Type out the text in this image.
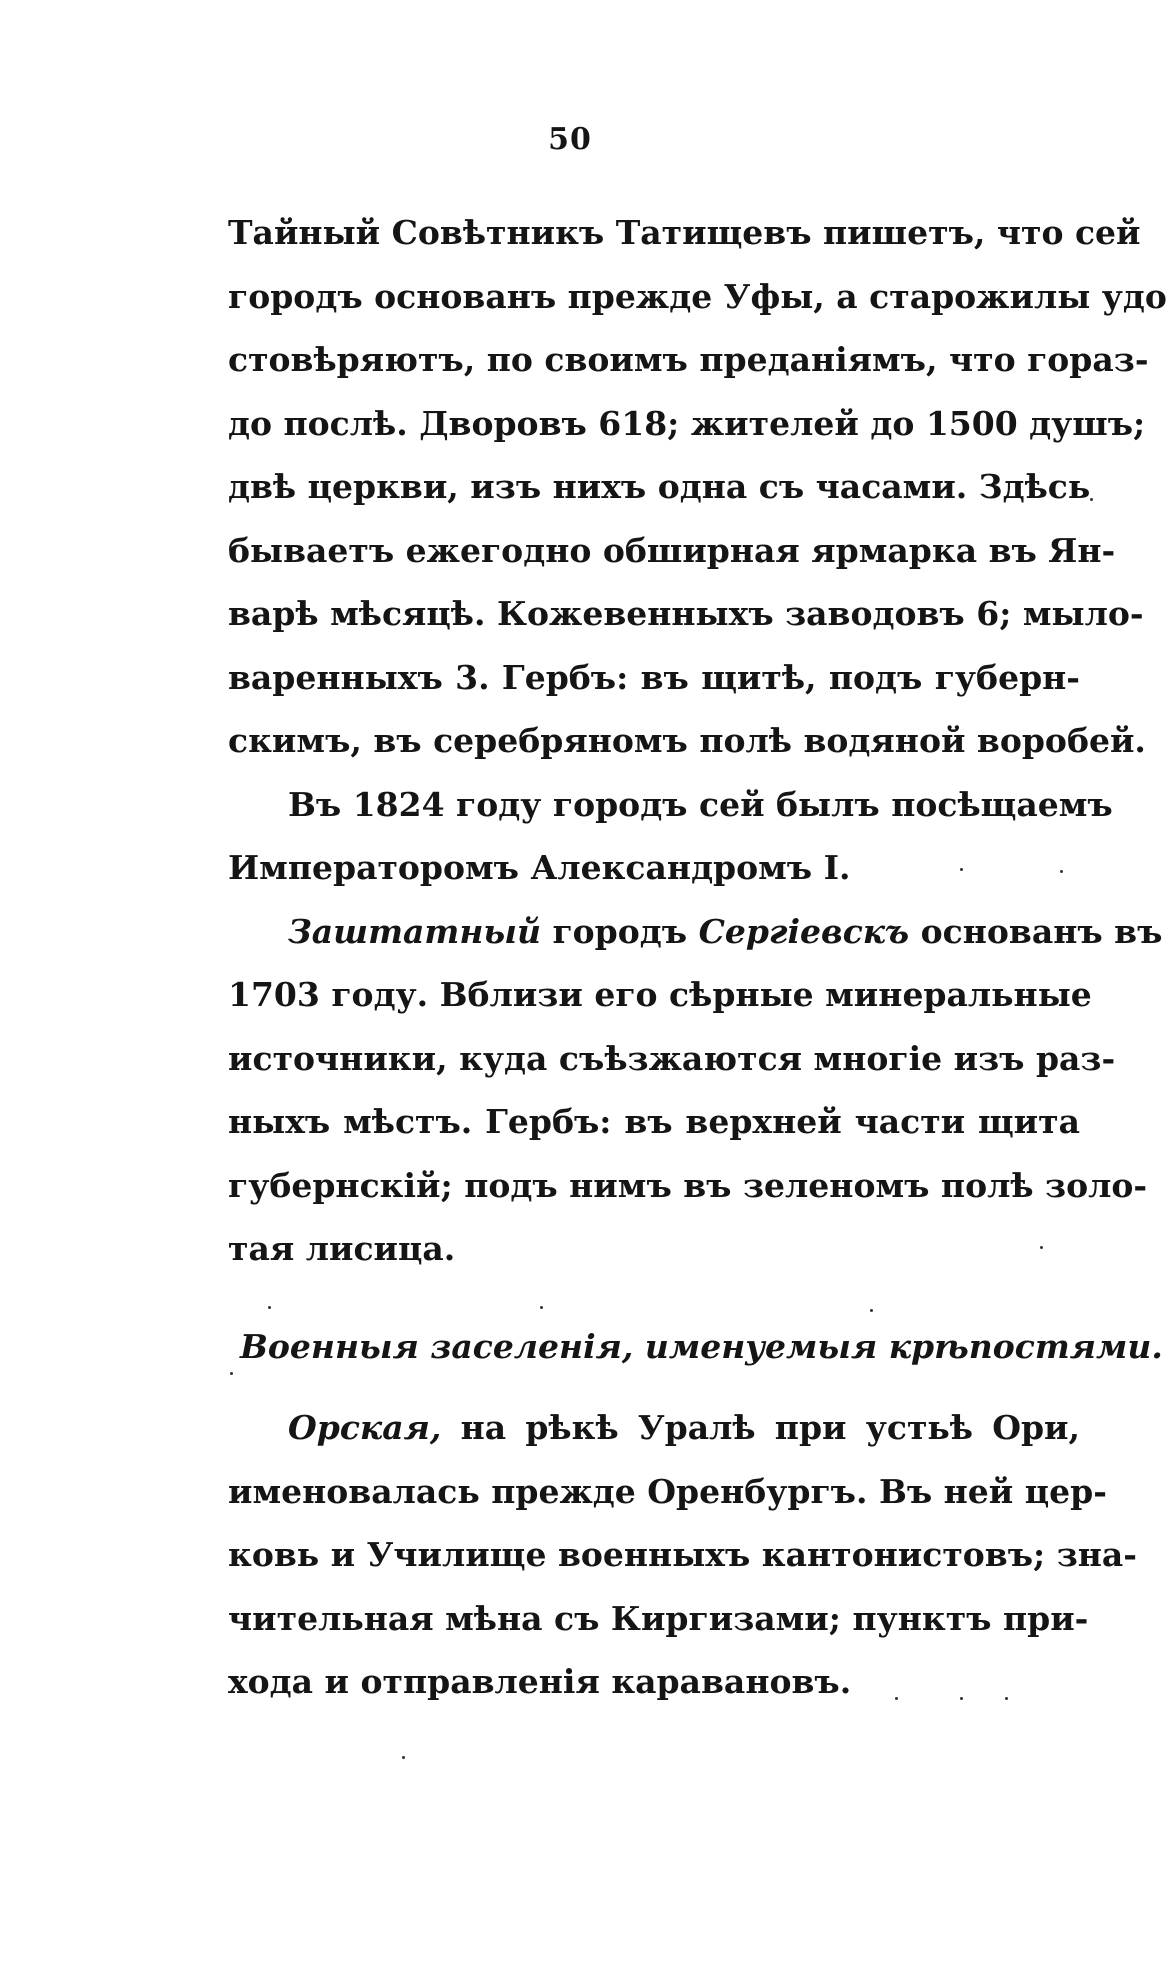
50
Тайный Совѣтникъ Татищевъ пишетъ, что сей
городъ основанъ прежде Уфы, а старожилы удо
стовѣряютъ, по своимъ преданіямъ, что гораз-
до послѣ. Дворовъ 618; жителей до 1500 душъ;
двѣ церкви, изъ нихъ одна съ часами. Здѣсь
бываетъ ежегодно обширная ярмарка въ Ян-
варѣ мѣсяцѣ. Кожевенныхъ заводовъ 6; мыло-
варенныхъ 3. Гербъ: въ щитѣ, подъ губерн-
скимъ, въ серебряномъ полѣ водяной воробей.
Въ 1824 году городъ сей былъ посѣщаемъ
Императоромъ Александромъ I.
Заштатный городъ Сергіевскъ основанъ въ
1703 году. Вблизи его сѣрные минеральные
источники, куда съѣзжаются многіе изъ раз-
ныхъ мѣстъ. Гербъ: въ верхней части щита
губернскій; подъ нимъ въ зеленомъ полѣ золо-
тая лисица.
Военныя заселенія, именуемыя крѣпостями.
Орская, на рѣкѣ Уралѣ при устьѣ Ори,
именовалась прежде Оренбургъ. Въ ней цер-
ковь и Училище военныхъ кантонистовъ; зна-
чительная мѣна съ Киргизами; пунктъ при-
хода и отправленія каравановъ.
